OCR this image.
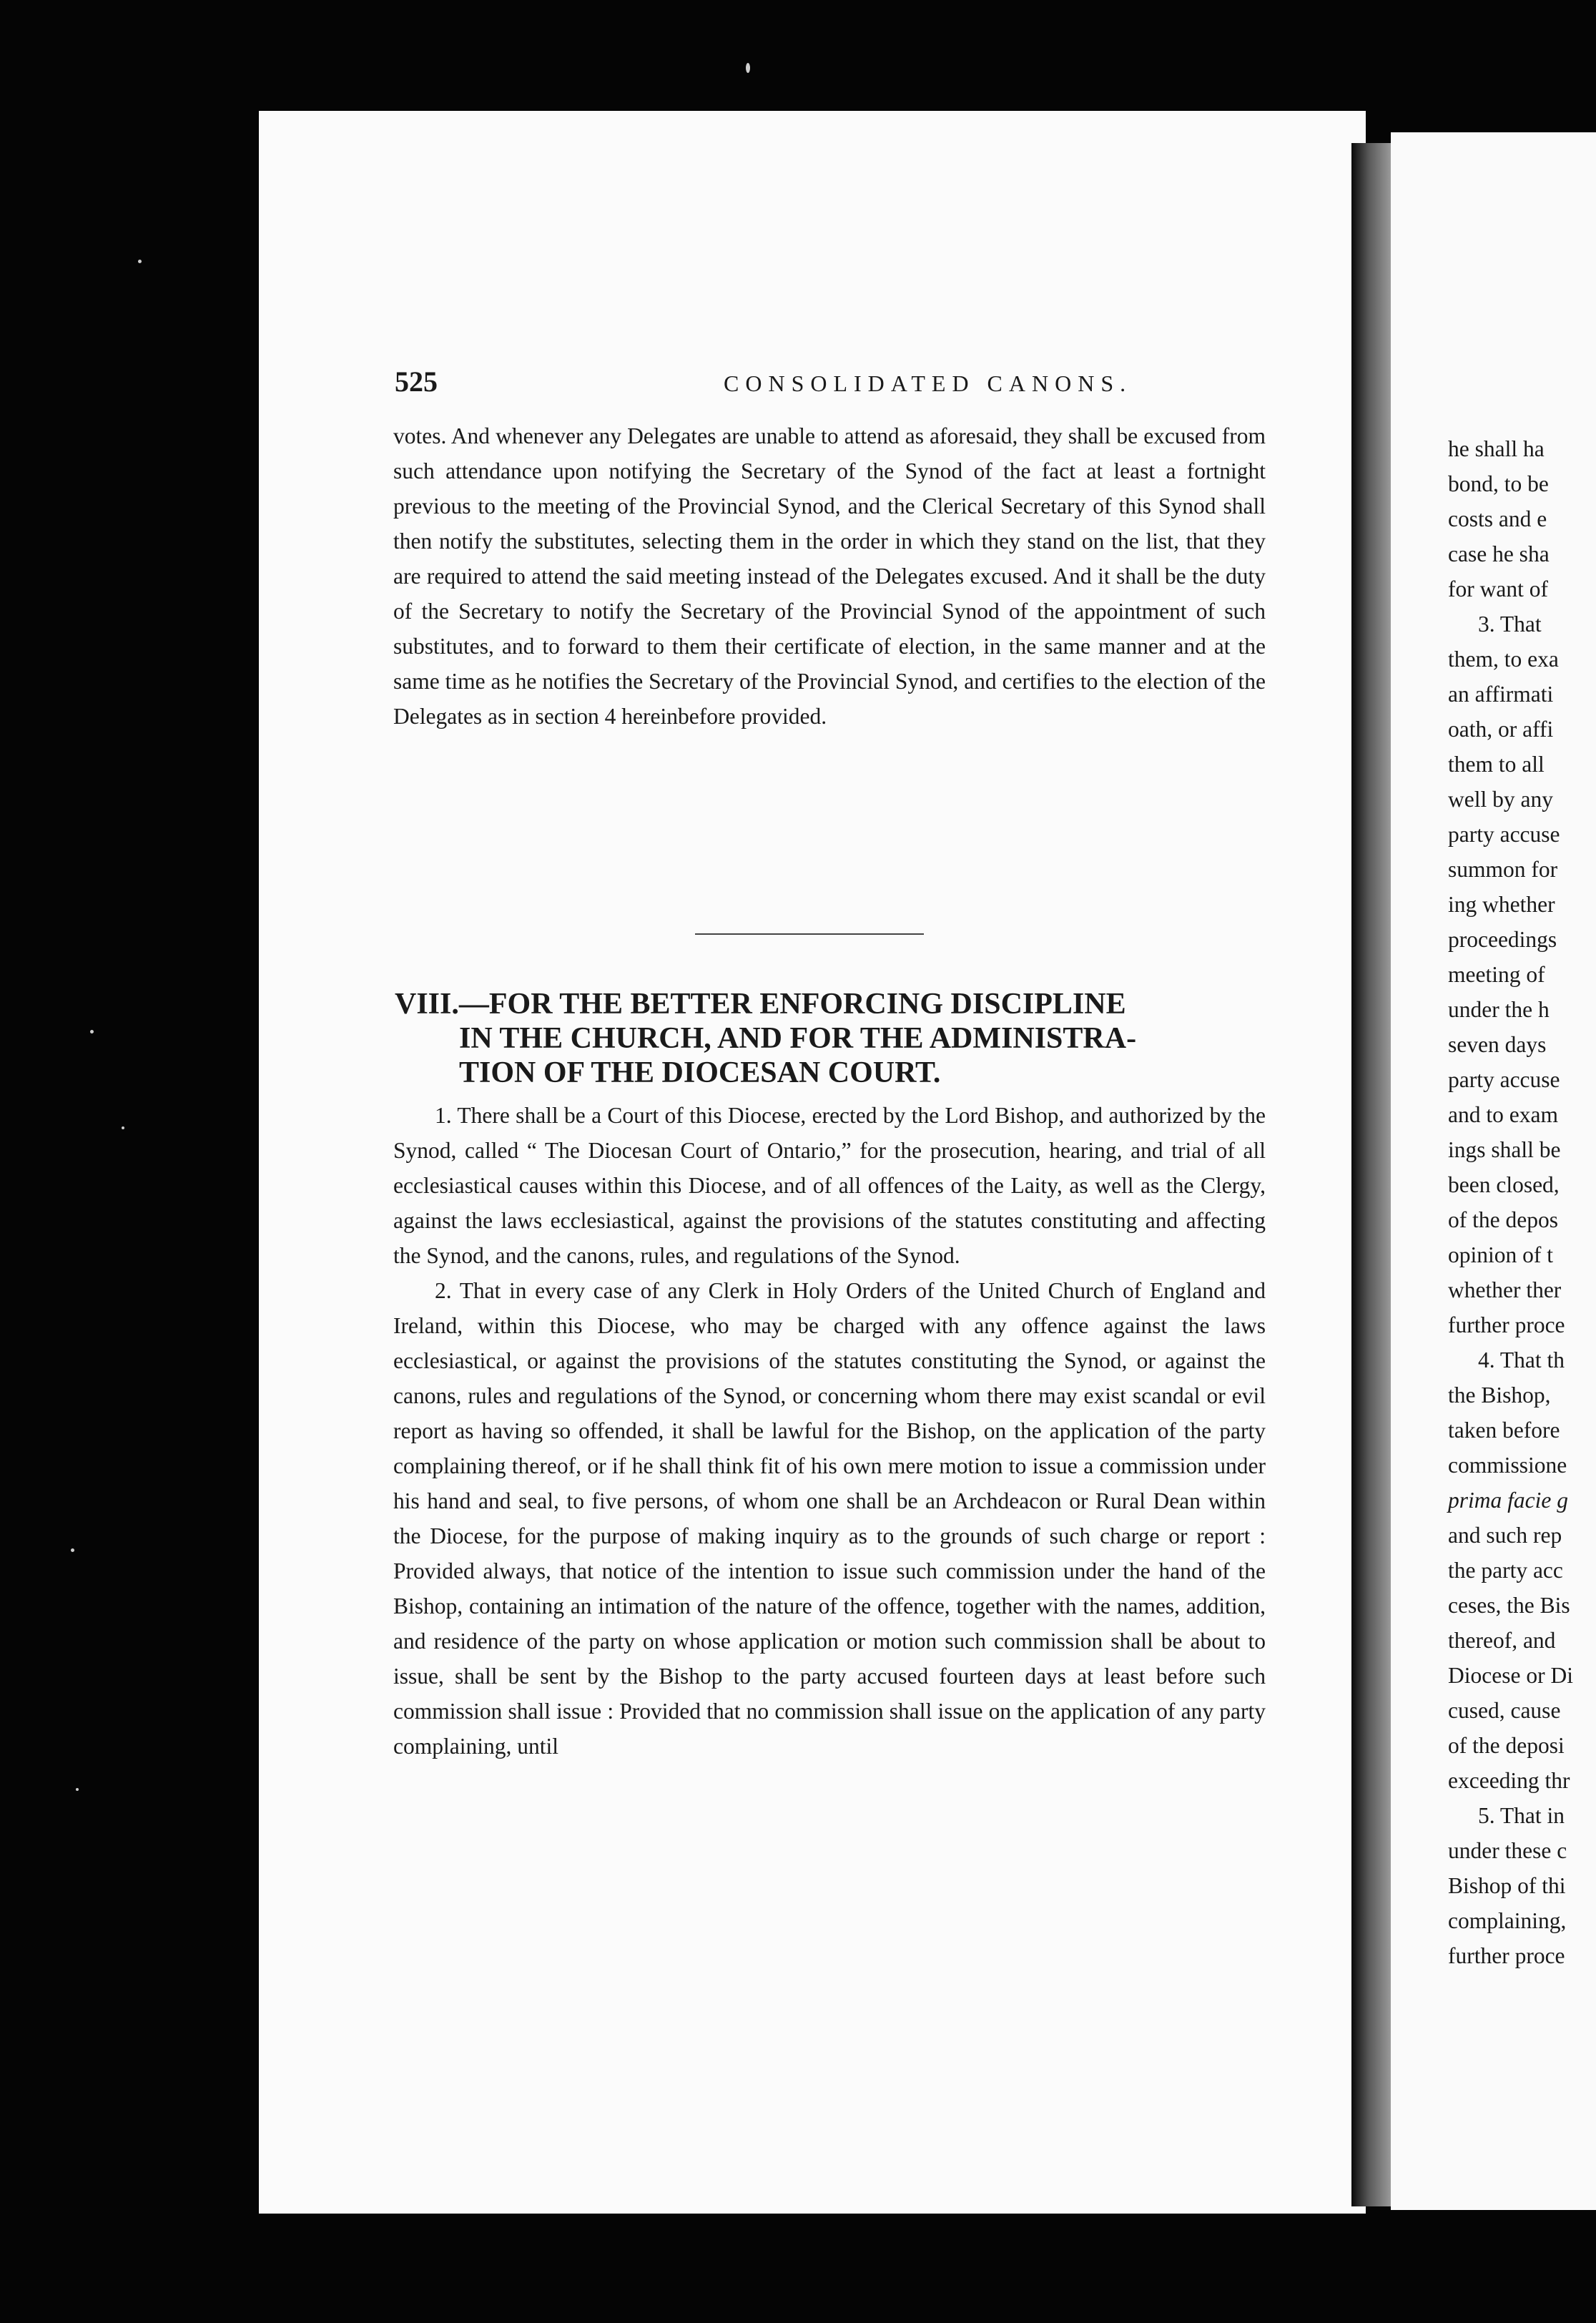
525	CONSOLIDATED CANONS.

votes. And whenever any Delegates are unable to attend as aforesaid, they shall be excused from such attendance upon notifying the Secretary of the Synod of the fact at least a fortnight previous to the meeting of the Provincial Synod, and the Clerical Secretary of this Synod shall then notify the substitutes, selecting them in the order in which they stand on the list, that they are required to attend the said meeting instead of the Delegates excused. And it shall be the duty of the Secretary to notify the Secretary of the Provincial Synod of the appointment of such substitutes, and to forward to them their certificate of election, in the same manner and at the same time as he notifies the Secretary of the Provincial Synod, and certifies to the election of the Delegates as in section 4 hereinbefore provided.

VIII.—FOR THE BETTER ENFORCING DISCIPLINE
IN THE CHURCH, AND FOR THE ADMINISTRA-
TION OF THE DIOCESAN COURT.

1. There shall be a Court of this Diocese, erected by the Lord Bishop, and authorized by the Synod, called “ The Diocesan Court of Ontario,” for the prosecution, hearing, and trial of all ecclesiastical causes within this Diocese, and of all offences of the Laity, as well as the Clergy, against the laws ecclesiastical, against the provisions of the statutes constituting and affecting the Synod, and the canons, rules, and regulations of the Synod.

2. That in every case of any Clerk in Holy Orders of the United Church of England and Ireland, within this Diocese, who may be charged with any offence against the laws ecclesiastical, or against the provisions of the statutes constituting the Synod, or against the canons, rules and regulations of the Synod, or concerning whom there may exist scandal or evil report as having so offended, it shall be lawful for the Bishop, on the application of the party complaining thereof, or if he shall think fit of his own mere motion to issue a commission under his hand and seal, to five persons, of whom one shall be an Archdeacon or Rural Dean within the Diocese, for the purpose of making inquiry as to the grounds of such charge or report : Provided always, that notice of the intention to issue such commission under the hand of the Bishop, containing an intimation of the nature of the offence, together with the names, addition, and residence of the party on whose application or motion such commission shall be about to issue, shall be sent by the Bishop to the party accused fourteen days at least before such commission shall issue : Provided that no commission shall issue on the application of any party complaining, until

he shall ha
bond, to be
costs and e
case he sha
for want of
3. That
them, to exa
an affirmati
oath, or affi
them to all
well by any
party accuse
summon for
ing whether
proceedings
meeting of
under the h
seven days
party accuse
and to exam
ings shall be
been closed,
of the depos
opinion of t
whether ther
further proce
4. That th
the Bishop,
taken before
commissione
prima facie g
and such rep
the party acc
ceses, the Bis
thereof, and
Diocese or Di
cused, cause
of the deposi
exceeding thr
5. That in
under these c
Bishop of thi
complaining,
further proce
